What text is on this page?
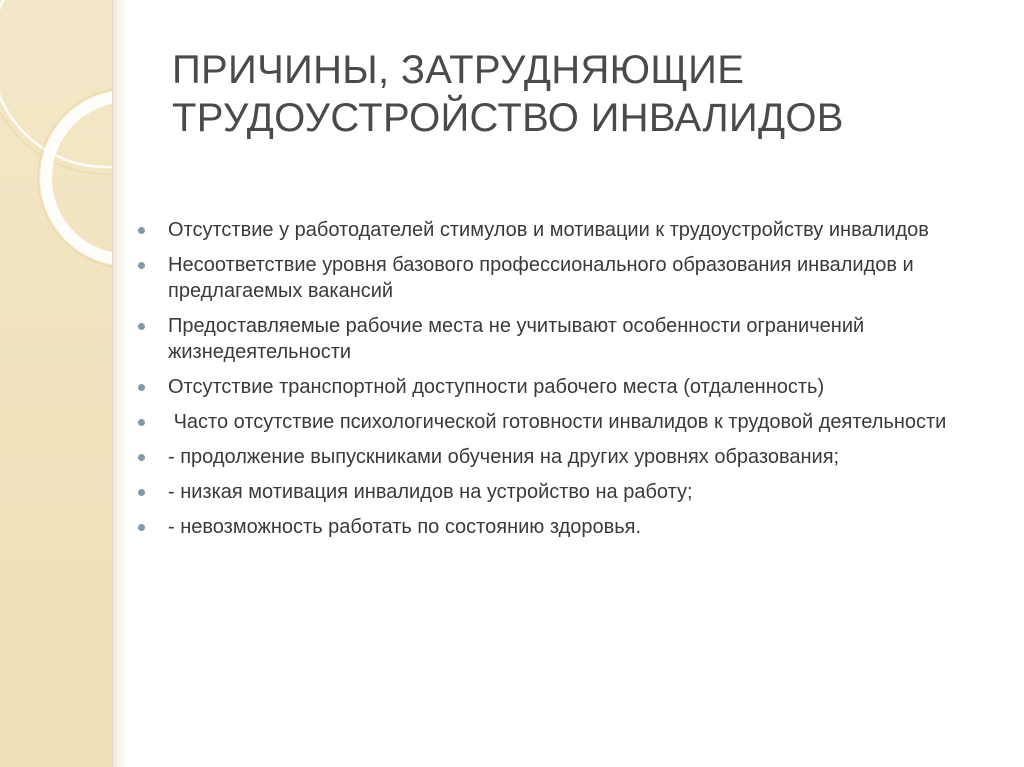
ПРИЧИНЫ, ЗАТРУДНЯЮЩИЕ
ТРУДОУСТРОЙСТВО ИНВАЛИДОВ
Отсутствие у работодателей стимулов и мотивации к трудоустройству инвалидов
Несоответствие уровня базового профессионального образования инвалидов и предлагаемых вакансий
Предоставляемые рабочие места не учитывают особенности ограничений жизнедеятельности
Отсутствие транспортной доступности рабочего места (отдаленность)
Часто отсутствие психологической готовности инвалидов к трудовой деятельности
- продолжение выпускниками обучения на других уровнях образования;
- низкая мотивация инвалидов на устройство на работу;
- невозможность работать по состоянию здоровья.
